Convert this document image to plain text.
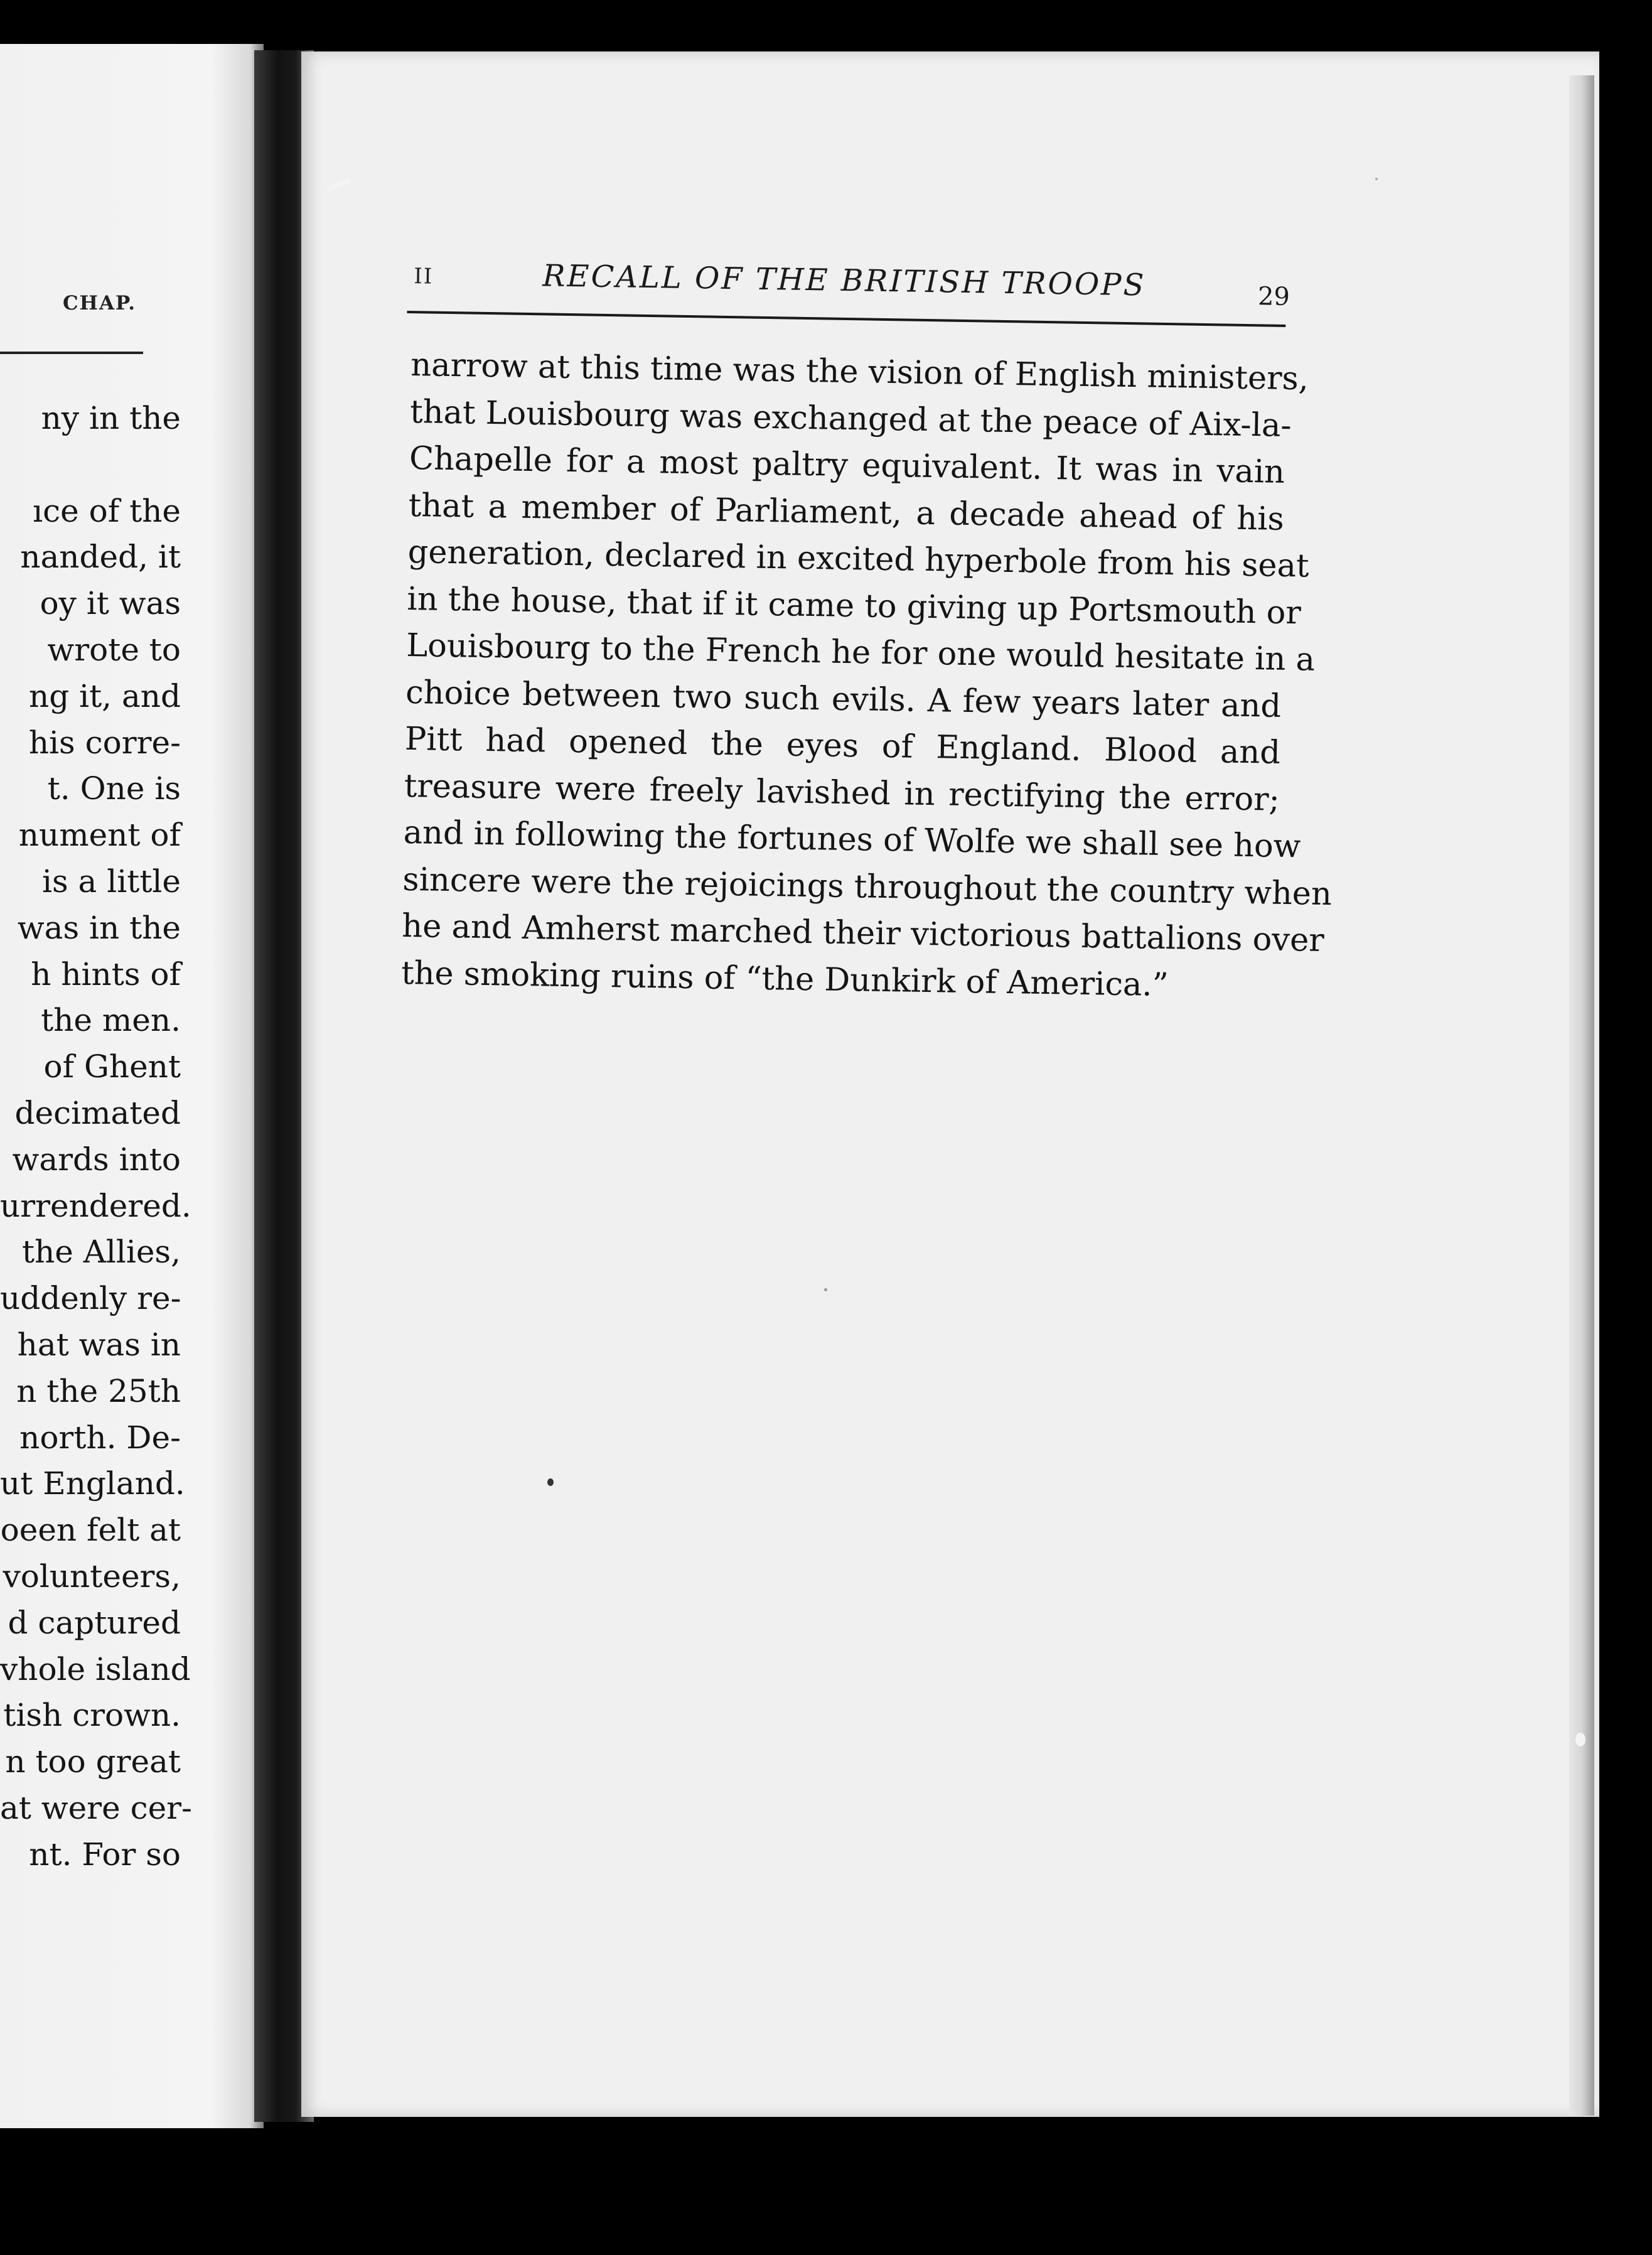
CHAP.
ny in the
ıce of the
nanded, it
oy it was
wrote to
ng it, and
his corre-
t. One is
nument of
is a little
was in the
h hints of
the men.
of Ghent
decimated
wards into
urrendered.
the Allies,
uddenly re-
hat was in
n the 25th
north. De-
ut England.
oeen felt at
volunteers,
d captured
vhole island
tish crown.
n too great
at were cer-
nt. For so
II	RECALL OF THE BRITISH TROOPS	29
narrow at this time was the vision of English ministers,
that Louisbourg was exchanged at the peace of Aix-la-
Chapelle for a most paltry equivalent. It was in vain
that a member of Parliament, a decade ahead of his
generation, declared in excited hyperbole from his seat
in the house, that if it came to giving up Portsmouth or
Louisbourg to the French he for one would hesitate in a
choice between two such evils. A few years later and
Pitt had opened the eyes of England. Blood and
treasure were freely lavished in rectifying the error;
and in following the fortunes of Wolfe we shall see how
sincere were the rejoicings throughout the country when
he and Amherst marched their victorious battalions over
the smoking ruins of “the Dunkirk of America.”
